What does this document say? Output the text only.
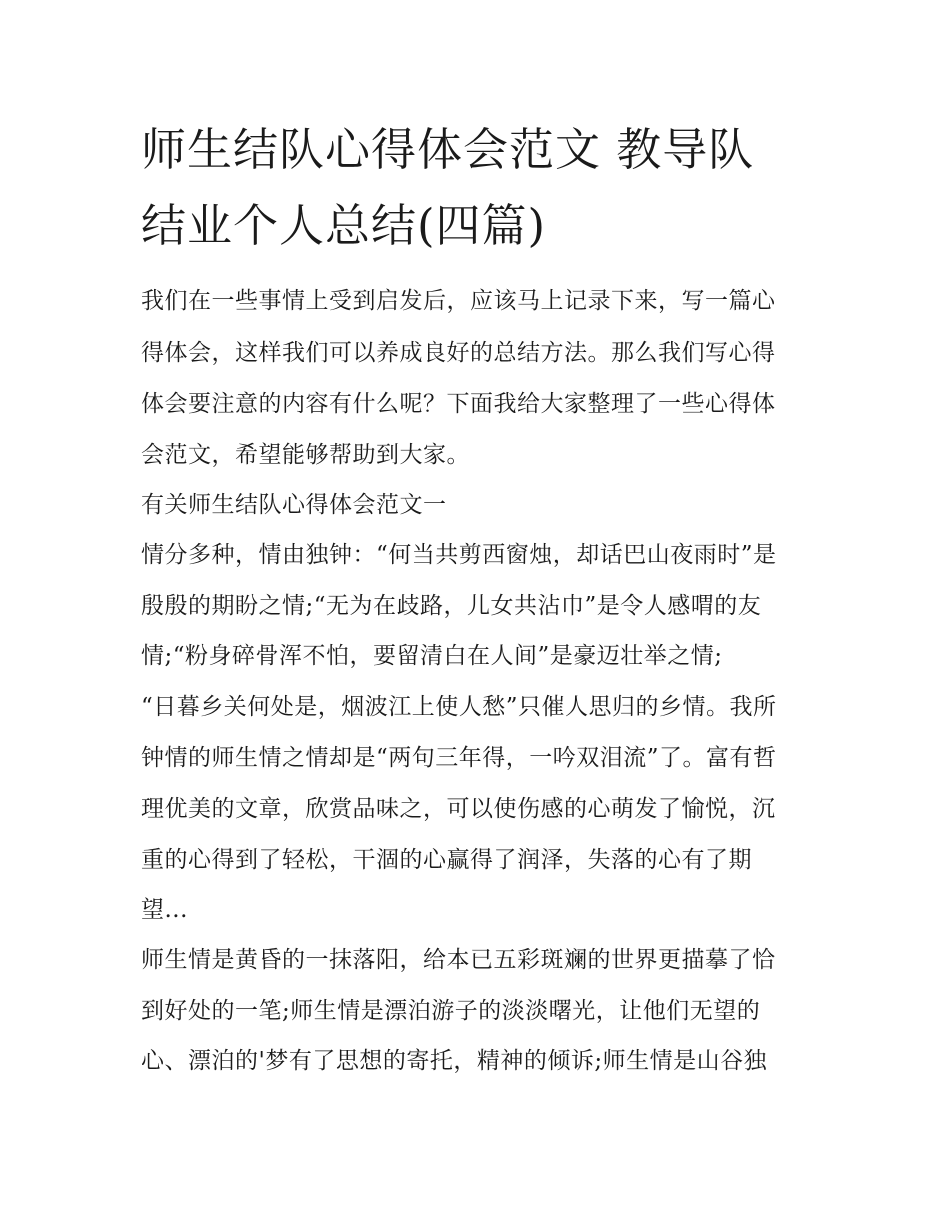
师生结队心得体会范文 教导队
结业个人总结(四篇)
我们在一些事情上受到启发后，应该马上记录下来，写一篇心
得体会，这样我们可以养成良好的总结方法。那么我们写心得
体会要注意的内容有什么呢？下面我给大家整理了一些心得体
会范文，希望能够帮助到大家。
有关师生结队心得体会范文一
情分多种，情由独钟：“何当共剪西窗烛，却话巴山夜雨时”是
殷殷的期盼之情;“无为在歧路，儿女共沾巾”是令人感喟的友
情;“粉身碎骨浑不怕，要留清白在人间”是豪迈壮举之情;
“日暮乡关何处是，烟波江上使人愁”只催人思归的乡情。我所
钟情的师生情之情却是“两句三年得，一吟双泪流”了。富有哲
理优美的文章，欣赏品味之，可以使伤感的心萌发了愉悦，沉
重的心得到了轻松，干涸的心赢得了润泽，失落的心有了期
望...
师生情是黄昏的一抹落阳，给本已五彩斑斓的世界更描摹了恰
到好处的一笔;师生情是漂泊游子的淡淡曙光，让他们无望的
心、漂泊的'梦有了思想的寄托，精神的倾诉;师生情是山谷独
